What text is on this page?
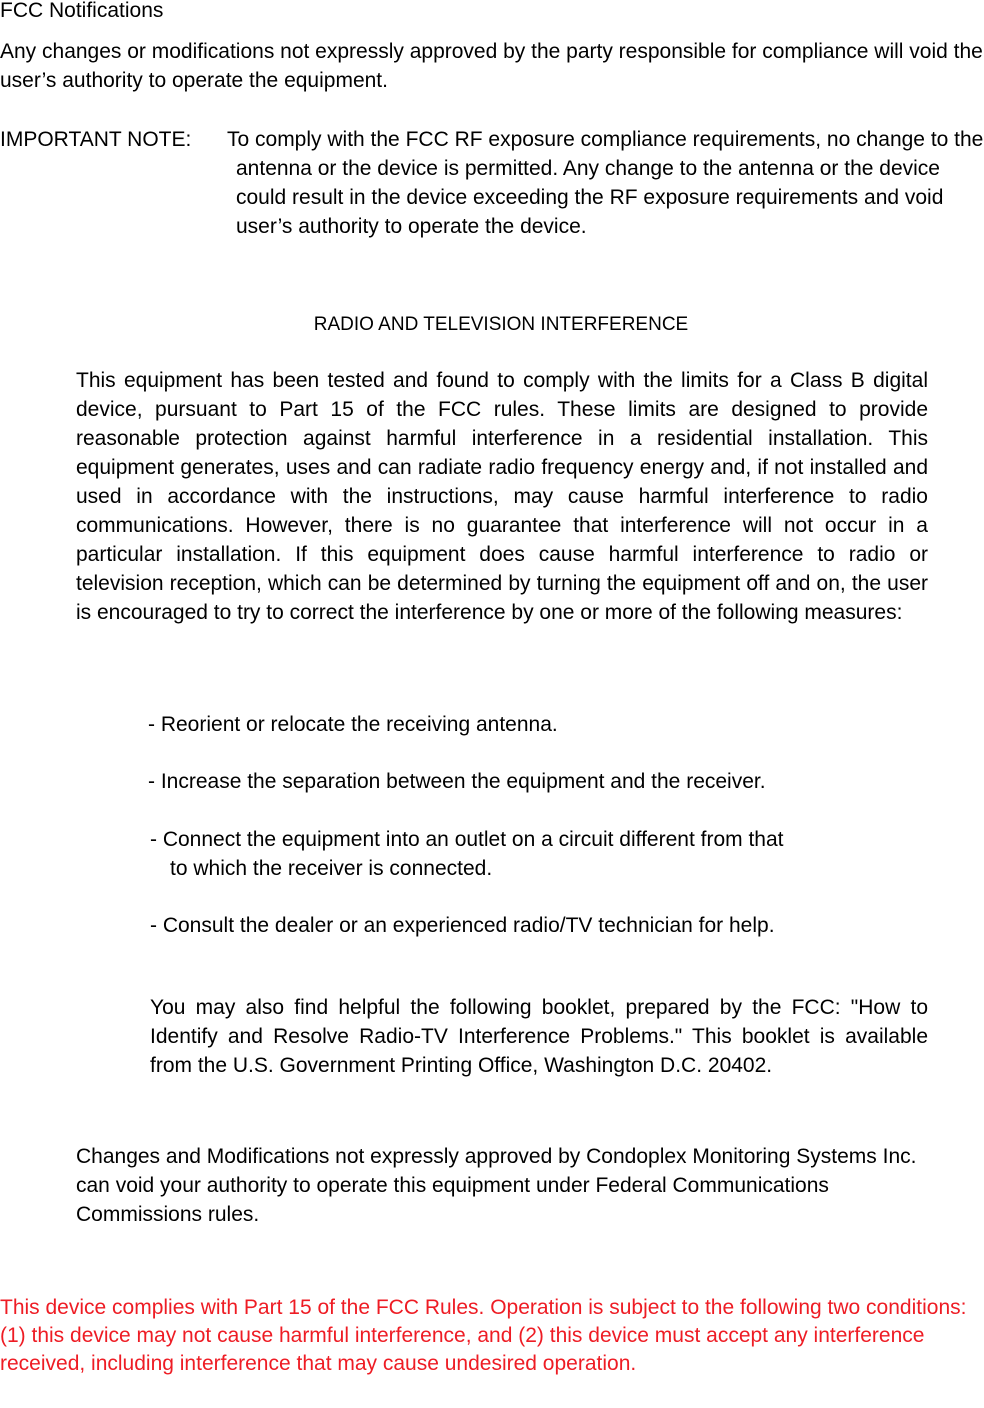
FCC Notifications

Any changes or modifications not expressly approved by the party responsible for compliance will void the user’s authority to operate the equipment.

IMPORTANT NOTE: To comply with the FCC RF exposure compliance requirements, no change to the antenna or the device is permitted. Any change to the antenna or the device could result in the device exceeding the RF exposure requirements and void user’s authority to operate the device.

RADIO AND TELEVISION INTERFERENCE

This equipment has been tested and found to comply with the limits for a Class B digital device, pursuant to Part 15 of the FCC rules. These limits are designed to provide reasonable protection against harmful interference in a residential installation. This equipment generates, uses and can radiate radio frequency energy and, if not installed and used in accordance with the instructions, may cause harmful interference to radio communications. However, there is no guarantee that interference will not occur in a particular installation. If this equipment does cause harmful interference to radio or television reception, which can be determined by turning the equipment off and on, the user is encouraged to try to correct the interference by one or more of the following measures:

- Reorient or relocate the receiving antenna.
- Increase the separation between the equipment and the receiver.
- Connect the equipment into an outlet on a circuit different from that
to which the receiver is connected.
- Consult the dealer or an experienced radio/TV technician for help.

You may also find helpful the following booklet, prepared by the FCC: "How to Identify and Resolve Radio-TV Interference Problems." This booklet is available from the U.S. Government Printing Office, Washington D.C. 20402.

Changes and Modifications not expressly approved by Condoplex Monitoring Systems Inc. can void your authority to operate this equipment under Federal Communications Commissions rules.

This device complies with Part 15 of the FCC Rules. Operation is subject to the following two conditions:

(1) this device may not cause harmful interference, and (2) this device must accept any interference received, including interference that may cause undesired operation.
